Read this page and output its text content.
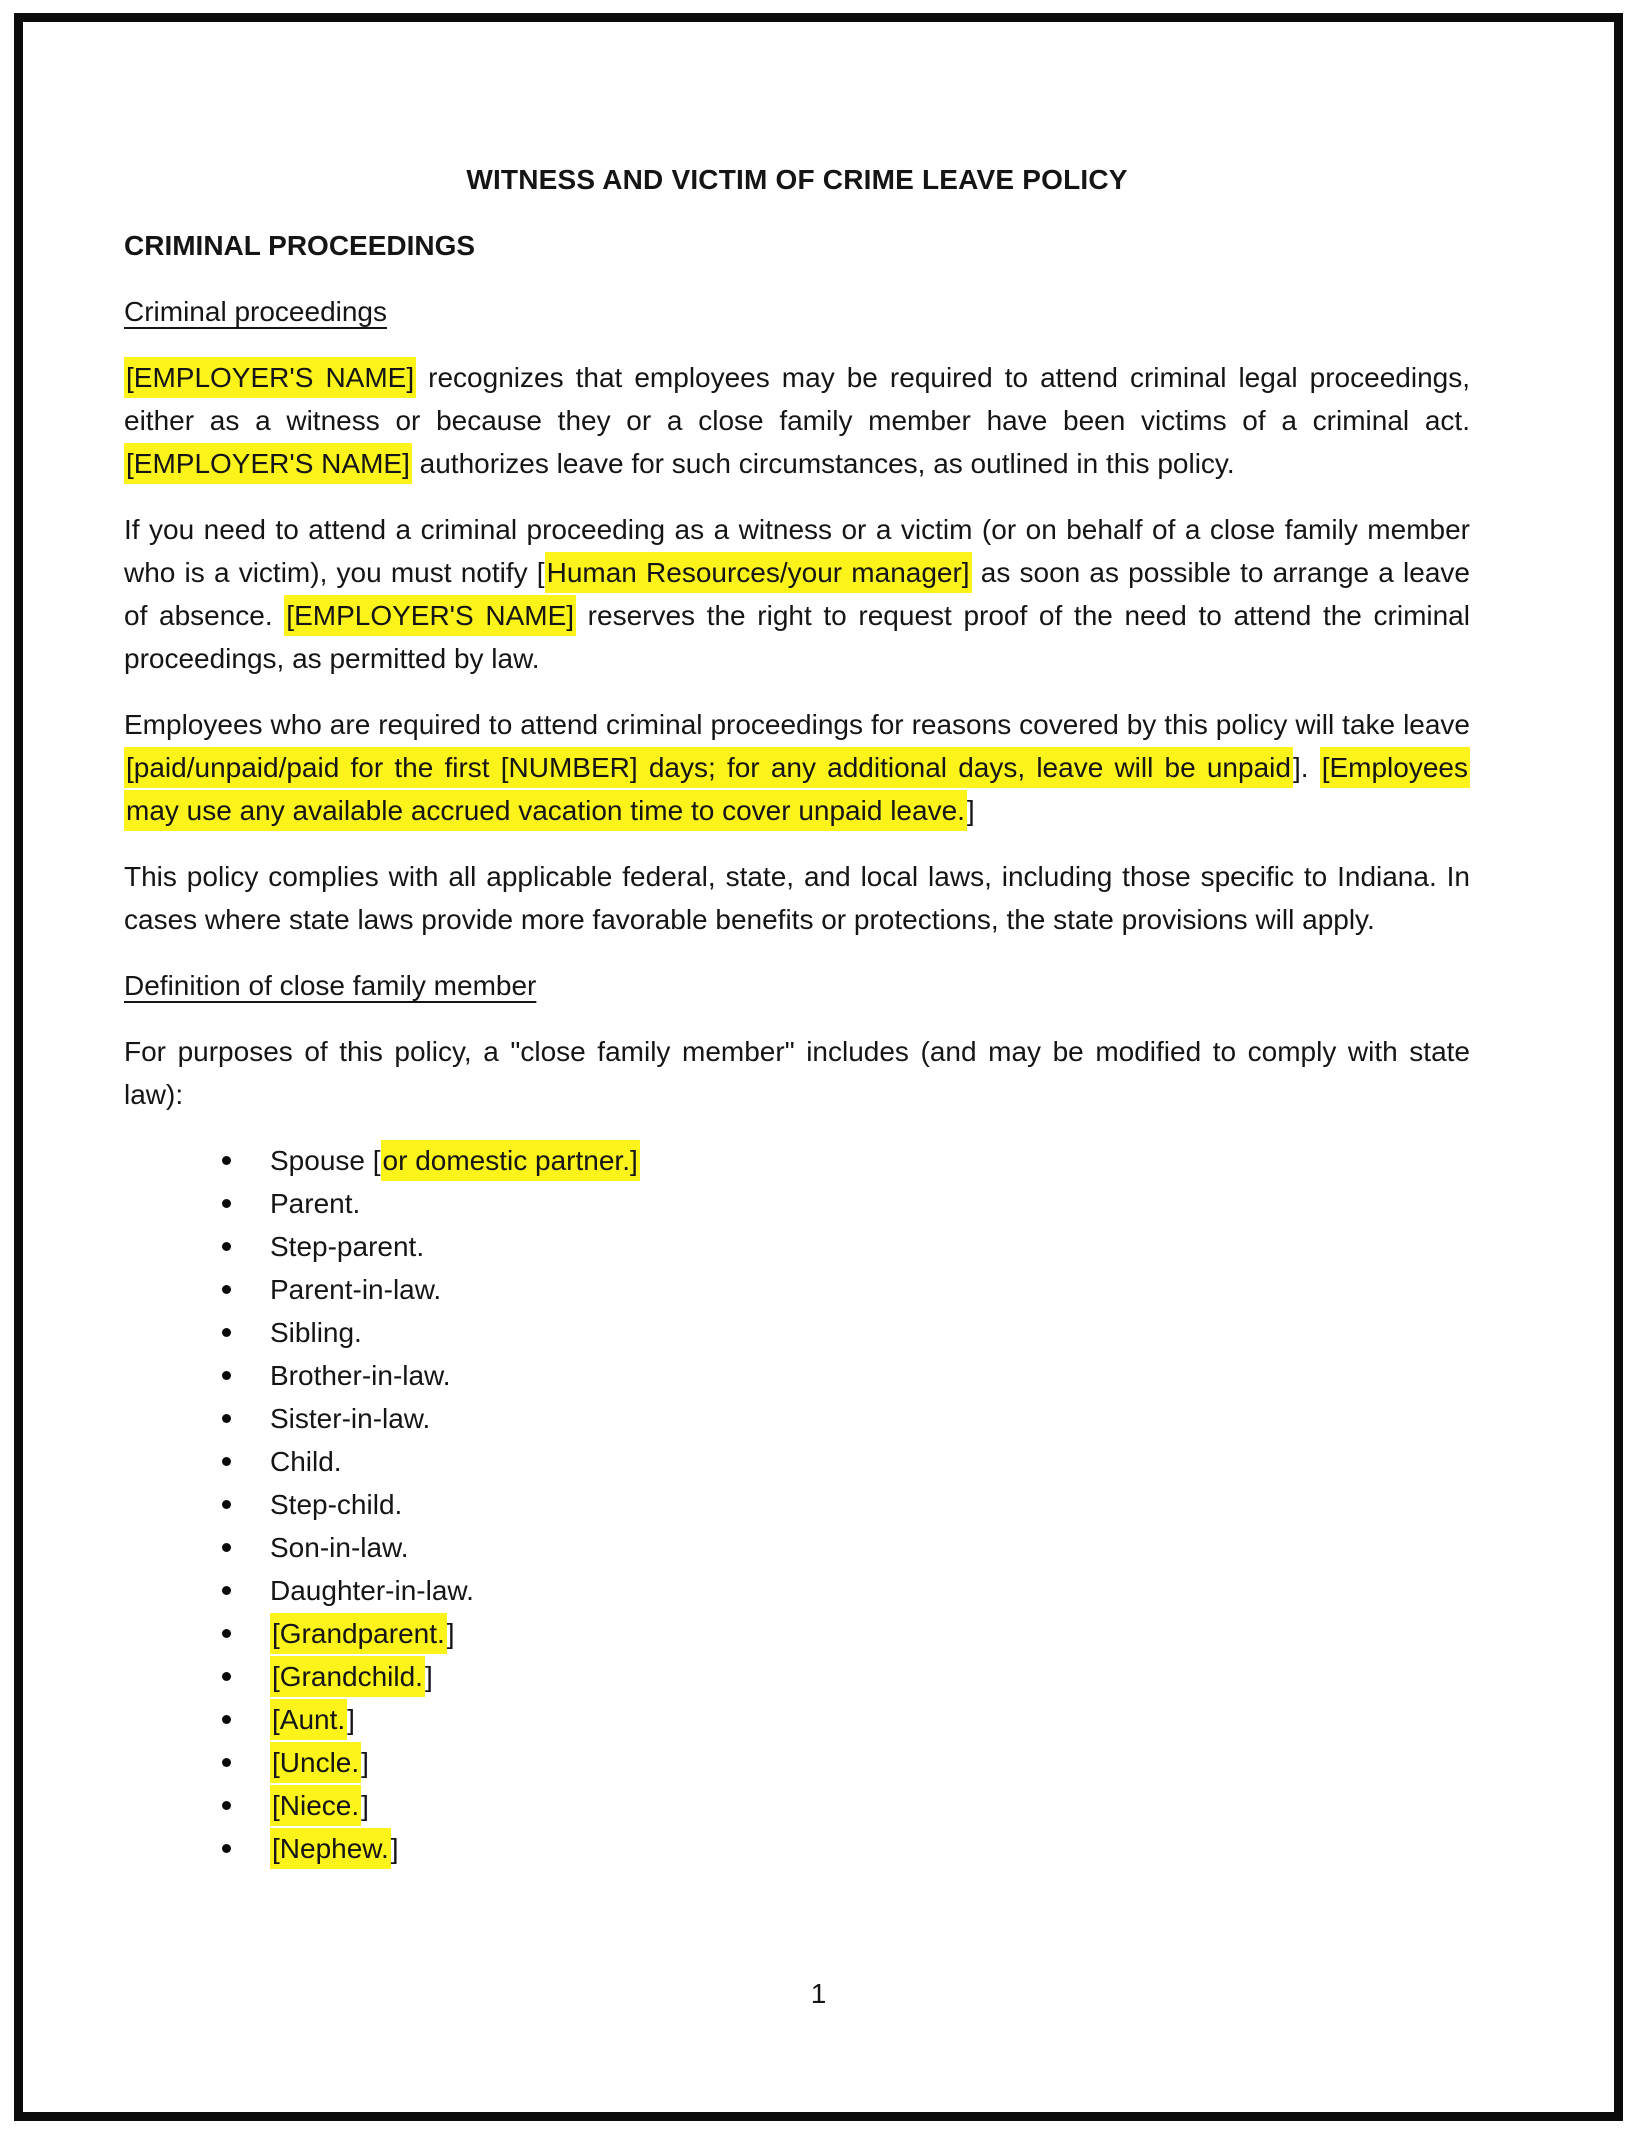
WITNESS AND VICTIM OF CRIME LEAVE POLICY
CRIMINAL PROCEEDINGS
Criminal proceedings

[EMPLOYER'S NAME] recognizes that employees may be required to attend criminal legal proceedings, either as a witness or because they or a close family member have been victims of a criminal act. [EMPLOYER'S NAME] authorizes leave for such circumstances, as outlined in this policy.

If you need to attend a criminal proceeding as a witness or a victim (or on behalf of a close family member who is a victim), you must notify [Human Resources/your manager] as soon as possible to arrange a leave of absence. [EMPLOYER'S NAME] reserves the right to request proof of the need to attend the criminal proceedings, as permitted by law.

Employees who are required to attend criminal proceedings for reasons covered by this policy will take leave [paid/unpaid/paid for the first [NUMBER] days; for any additional days, leave will be unpaid]. [Employees may use any available accrued vacation time to cover unpaid leave.]

This policy complies with all applicable federal, state, and local laws, including those specific to Indiana. In cases where state laws provide more favorable benefits or protections, the state provisions will apply.

Definition of close family member

For purposes of this policy, a "close family member" includes (and may be modified to comply with state law):

Spouse [or domestic partner.]
Parent.
Step-parent.
Parent-in-law.
Sibling.
Brother-in-law.
Sister-in-law.
Child.
Step-child.
Son-in-law.
Daughter-in-law.
[Grandparent.]
[Grandchild.]
[Aunt.]
[Uncle.]
[Niece.]
[Nephew.]
1
